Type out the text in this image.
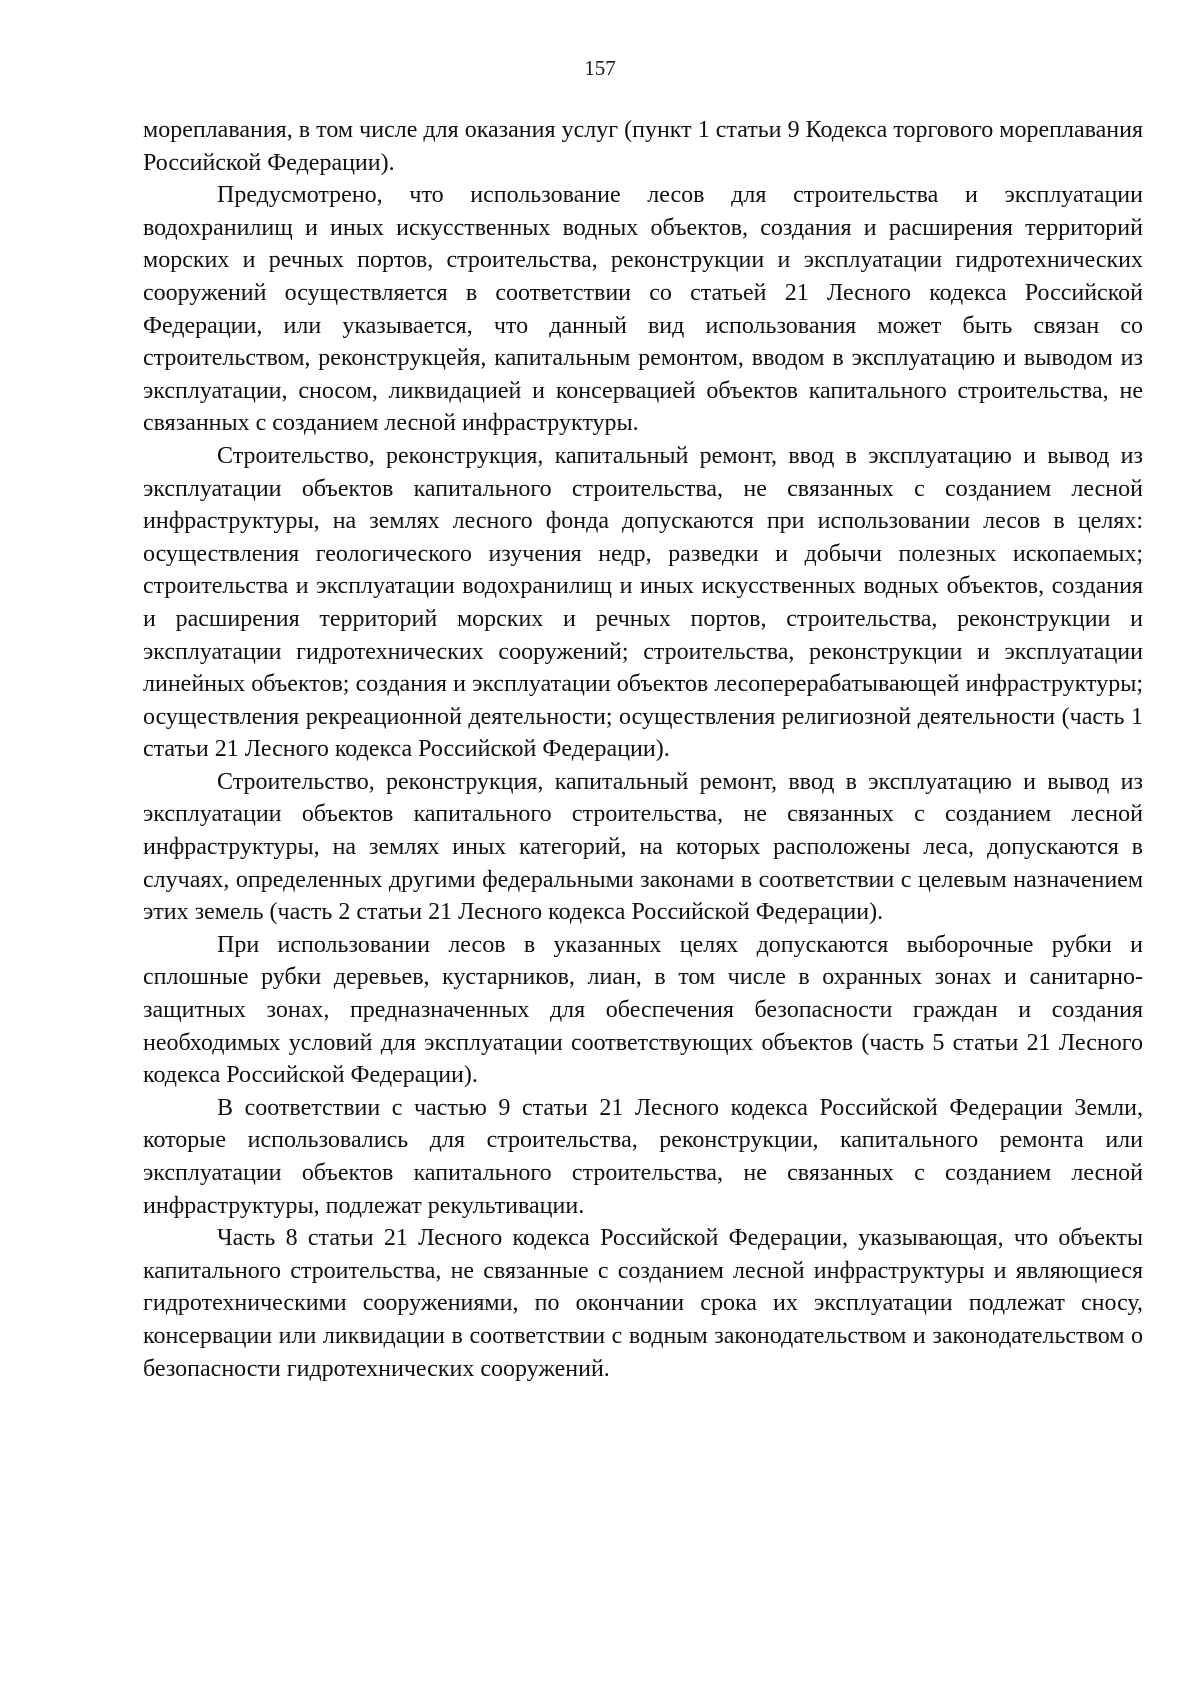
157

мореплавания, в том числе для оказания услуг (пункт 1 статьи 9 Кодекса торгового мореплавания Российской Федерации).

Предусмотрено, что использование лесов для строительства и эксплуатации водохранилищ и иных искусственных водных объектов, создания и расширения территорий морских и речных портов, строительства, реконструкции и эксплуатации гидротехнических сооружений осуществляется в соответствии со статьей 21 Лесного кодекса Российской Федерации, или указывается, что данный вид использования может быть связан со строительством, реконструкцейя, капитальным ремонтом, вводом в эксплуатацию и выводом из эксплуатации, сносом, ликвидацией и консервацией объектов капитального строительства, не связанных с созданием лесной инфраструктуры.

Строительство, реконструкция, капитальный ремонт, ввод в эксплуатацию и вывод из эксплуатации объектов капитального строительства, не связанных с созданием лесной инфраструктуры, на землях лесного фонда допускаются при использовании лесов в целях: осуществления геологического изучения недр, разведки и добычи полезных ископаемых; строительства и эксплуатации водохранилищ и иных искусственных водных объектов, создания и расширения территорий морских и речных портов, строительства, реконструкции и эксплуатации гидротехнических сооружений; строительства, реконструкции и эксплуатации линейных объектов; создания и эксплуатации объектов лесоперерабатывающей инфраструктуры; осуществления рекреационной деятельности; осуществления религиозной деятельности (часть 1 статьи 21 Лесного кодекса Российской Федерации).

Строительство, реконструкция, капитальный ремонт, ввод в эксплуатацию и вывод из эксплуатации объектов капитального строительства, не связанных с созданием лесной инфраструктуры, на землях иных категорий, на которых расположены леса, допускаются в случаях, определенных другими федеральными законами в соответствии с целевым назначением этих земель (часть 2 статьи 21 Лесного кодекса Российской Федерации).

При использовании лесов в указанных целях допускаются выборочные рубки и сплошные рубки деревьев, кустарников, лиан, в том числе в охранных зонах и санитарно-защитных зонах, предназначенных для обеспечения безопасности граждан и создания необходимых условий для эксплуатации соответствующих объектов (часть 5 статьи 21 Лесного кодекса Российской Федерации).

В соответствии с частью 9 статьи 21 Лесного кодекса Российской Федерации Земли, которые использовались для строительства, реконструкции, капитального ремонта или эксплуатации объектов капитального строительства, не связанных с созданием лесной инфраструктуры, подлежат рекультивации.

Часть 8 статьи 21 Лесного кодекса Российской Федерации, указывающая, что объекты капитального строительства, не связанные с созданием лесной инфраструктуры и являющиеся гидротехническими сооружениями, по окончании срока их эксплуатации подлежат сносу, консервации или ликвидации в соответствии с водным законодательством и законодательством о безопасности гидротехнических сооружений.
